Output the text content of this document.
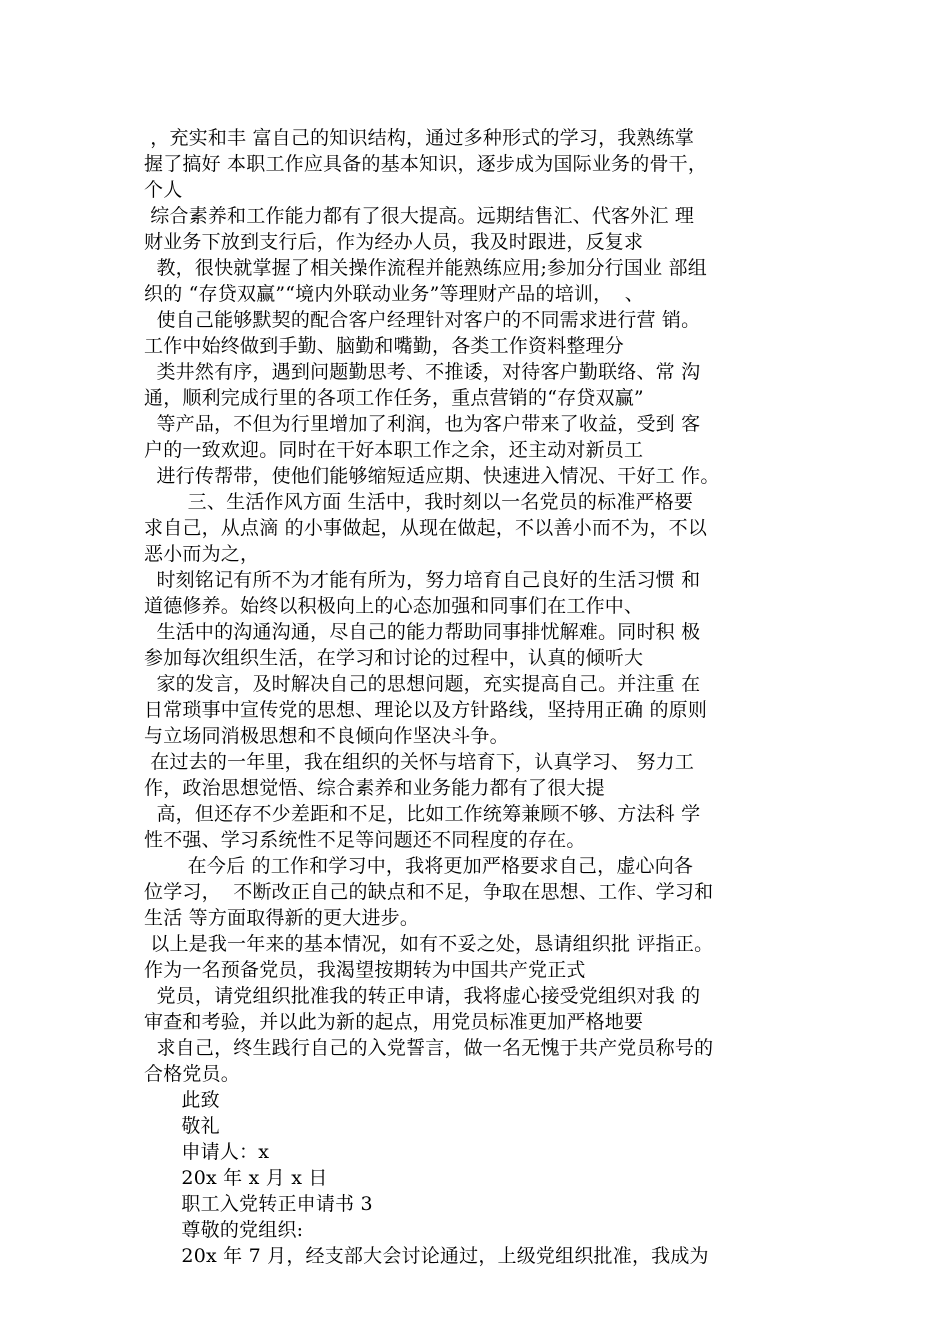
，充实和丰 富自己的知识结构，通过多种形式的学习，我熟练掌
握了搞好 本职工作应具备的基本知识，逐步成为国际业务的骨干，
个人
综合素养和工作能力都有了很大提高。远期结售汇、代客外汇 理
财业务下放到支行后，作为经办人员，我及时跟进，反复求
教，很快就掌握了相关操作流程并能熟练应用;参加分行国业 部组
织的 “存贷双赢”“境内外联动业务”等理财产品的培训，  、
使自己能够默契的配合客户经理针对客户的不同需求进行营 销。
工作中始终做到手勤、脑勤和嘴勤，各类工作资料整理分
类井然有序，遇到问题勤思考、不推诿，对待客户勤联络、常 沟
通，顺利完成行里的各项工作任务，重点营销的“存贷双赢”
等产品，不但为行里增加了利润，也为客户带来了收益，受到 客
户的一致欢迎。同时在干好本职工作之余，还主动对新员工
进行传帮带，使他们能够缩短适应期、快速进入情况、干好工 作。
三、生活作风方面 生活中，我时刻以一名党员的标准严格要
求自己，从点滴 的小事做起，从现在做起，不以善小而不为，不以
恶小而为之，
时刻铭记有所不为才能有所为，努力培育自己良好的生活习惯 和
道德修养。始终以积极向上的心态加强和同事们在工作中、
生活中的沟通沟通，尽自己的能力帮助同事排忧解难。同时积 极
参加每次组织生活，在学习和讨论的过程中，认真的倾听大
家的发言，及时解决自己的思想问题，充实提高自己。并注重 在
日常琐事中宣传党的思想、理论以及方针路线，坚持用正确 的原则
与立场同消极思想和不良倾向作坚决斗争。
在过去的一年里，我在组织的关怀与培育下，认真学习、 努力工
作，政治思想觉悟、综合素养和业务能力都有了很大提
高，但还存不少差距和不足，比如工作统筹兼顾不够、方法科 学
性不强、学习系统性不足等问题还不同程度的存在。
在今后 的工作和学习中，我将更加严格要求自己，虚心向各
位学习，  不断改正自己的缺点和不足，争取在思想、工作、学习和
生活 等方面取得新的更大进步。
以上是我一年来的基本情况，如有不妥之处，恳请组织批 评指正。
作为一名预备党员，我渴望按期转为中国共产党正式
党员，请党组织批准我的转正申请，我将虚心接受党组织对我 的
审查和考验，并以此为新的起点，用党员标准更加严格地要
求自己，终生践行自己的入党誓言，做一名无愧于共产党员称号的
合格党员。
此致
敬礼
申请人：x
20x 年 x 月 x 日
职工入党转正申请书 3
尊敬的党组织:
20x 年 7 月，经支部大会讨论通过，上级党组织批准，我成为
